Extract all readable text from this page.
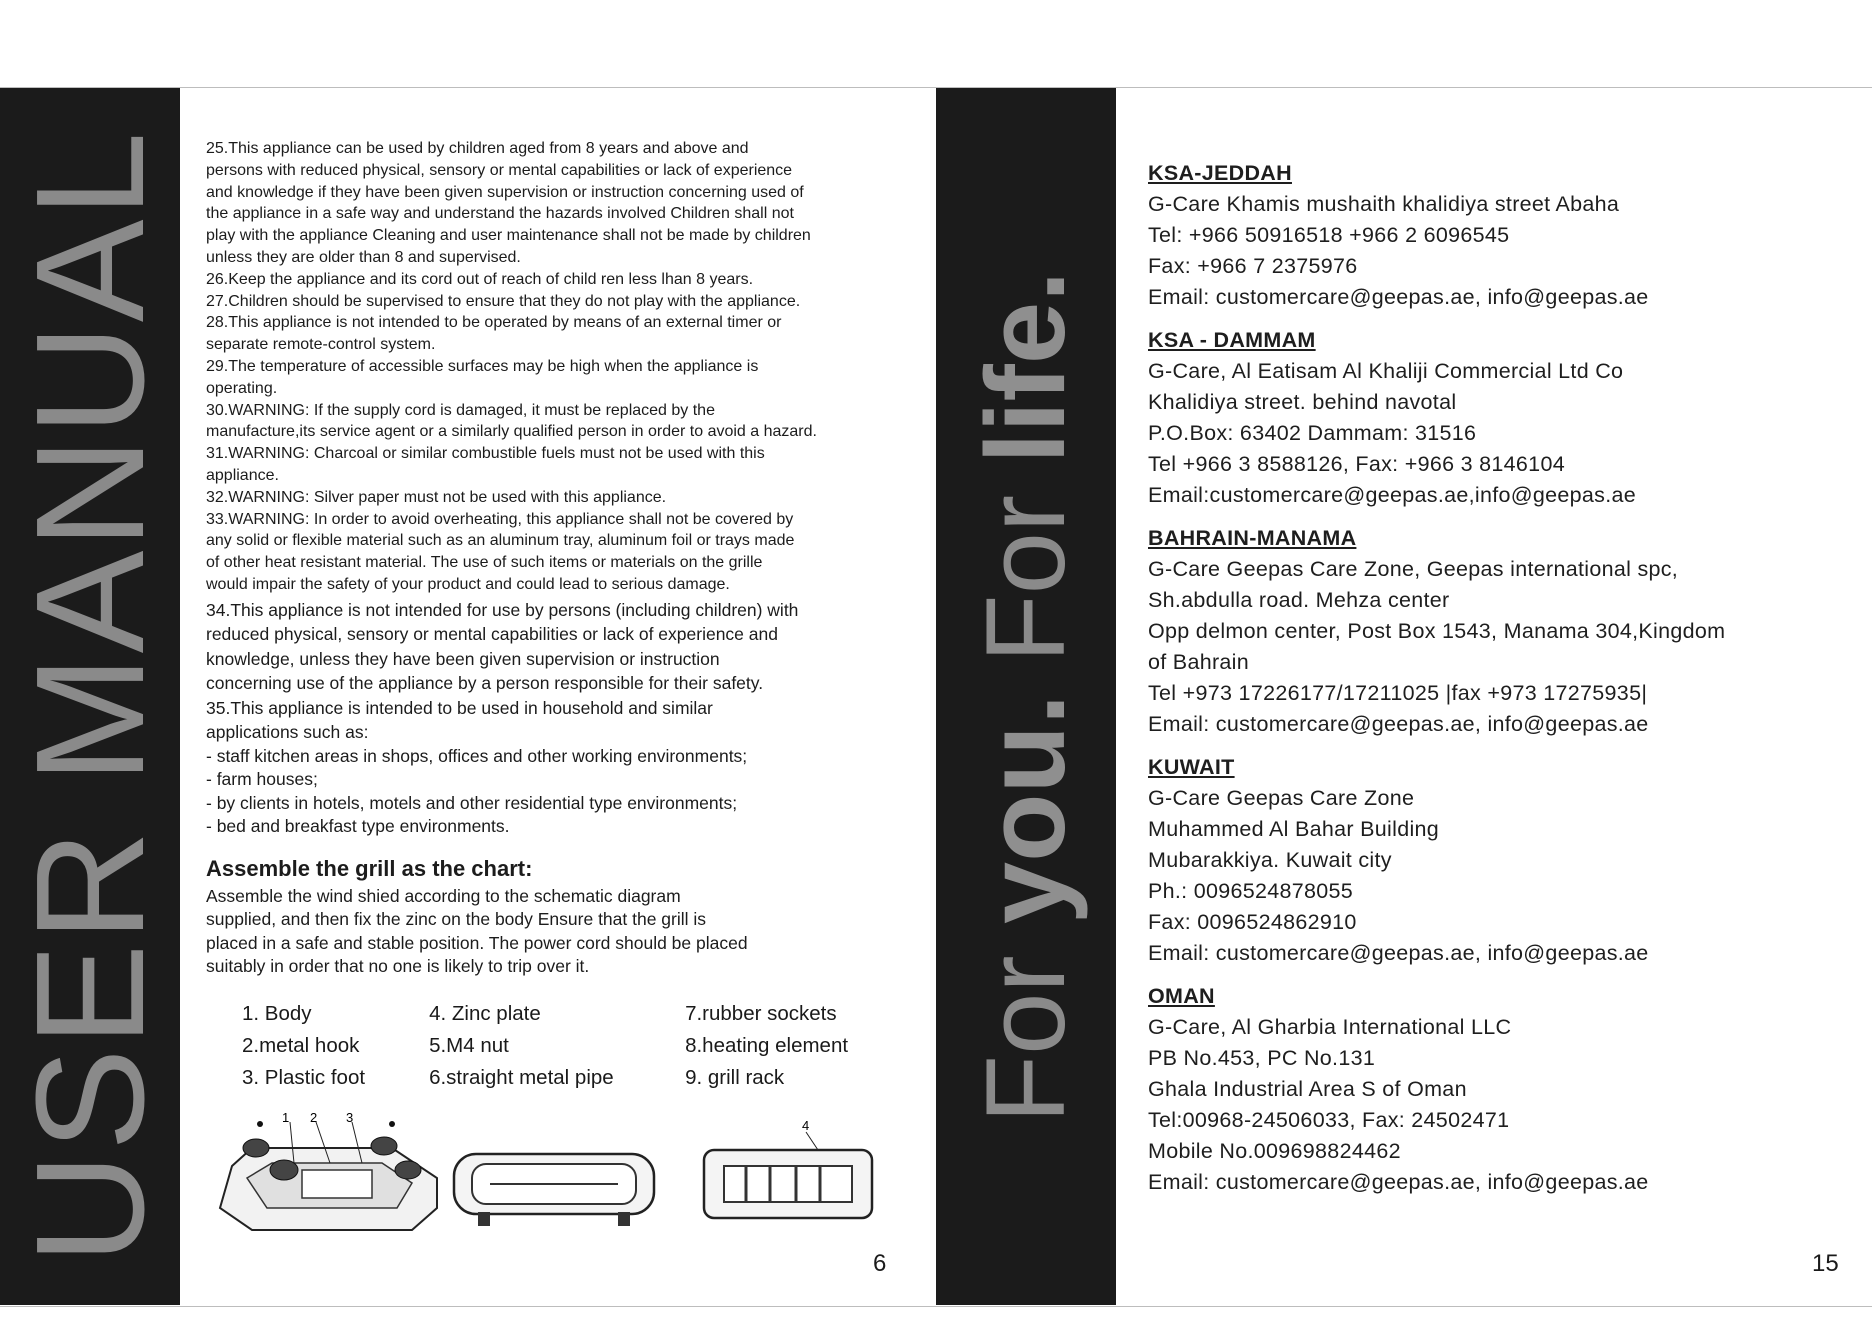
USER MANUAL 25.This appliance can be used by children aged from 8 years and above and

persons with reduced physical, sensory or mental capabilities or lack of experience

and knowledge if they have been given supervision or instruction concerning used of

the appliance in a safe way and understand the hazards involved Children shall not

play with the appliance Cleaning and user maintenance shall not be made by children

unless they are older than 8 and supervised.

26.Keep the appliance and its cord out of reach of child ren less lhan 8 years.

27.Children should be supervised to ensure that they do not play with the appliance.

28.This appliance is not intended to be operated by means of an external timer or

separate remote-control system.

29.The temperature of accessible surfaces may be high when the appliance is

operating.

30.WARNING: If the supply cord is damaged, it must be replaced by the

manufacture,its service agent or a similarly qualified person in order to avoid a hazard.

31.WARNING: Charcoal or similar combustible fuels must not be used with this

appliance.

32.WARNING: Silver paper must not be used with this appliance.

33.WARNING: In order to avoid overheating, this appliance shall not be covered by

any solid or flexible material such as an aluminum tray, aluminum foil or trays made

of other heat resistant material. The use of such items or materials on the grille

would impair the safety of your product and could lead to serious damage.

34.This appliance is not intended for use by persons (including children) with

reduced physical, sensory or mental capabilities or lack of experience and

knowledge, unless they have been given supervision or instruction

concerning use of the appliance by a person responsible for their safety.

35.This appliance is intended to be used in household and similar

applications such as:

- staff kitchen areas in shops, offices and other working environments;

- farm houses;

- by clients in hotels, motels and other residential type environments;

- bed and breakfast type environments.

Assemble the grill as the chart:

Assemble the wind shied according to the schematic diagram

supplied, and then fix the zinc on the body Ensure that the grill is

placed in a safe and stable position. The power cord should be placed

suitably in order that no one is likely to trip over it.

1. Body	4. Zinc plate	7.rubber sockets
2.metal hook	5.M4 nut	8.heating element
3. Plastic foot	6.straight metal pipe	9. grill rack
1 2 3
4
6
For you. For life.

KSA-JEDDAH

G-Care Khamis mushaith khalidiya street Abaha

Tel: +966 50916518 +966 2 6096545

Fax: +966 7 2375976

Email: customercare@geepas.ae, info@geepas.ae

KSA - DAMMAM

G-Care, Al Eatisam Al Khaliji Commercial Ltd Co

Khalidiya street. behind navotal

P.O.Box: 63402 Dammam: 31516

Tel +966 3 8588126, Fax: +966 3 8146104

Email:customercare@geepas.ae,info@geepas.ae

BAHRAIN-MANAMA

G-Care Geepas Care Zone, Geepas international spc,

Sh.abdulla road. Mehza center

Opp delmon center, Post Box 1543, Manama 304,Kingdom

of Bahrain

Tel +973 17226177/17211025 |fax +973 17275935|

Email: customercare@geepas.ae, info@geepas.ae

KUWAIT

G-Care Geepas Care Zone

Muhammed Al Bahar Building

Mubarakkiya. Kuwait city

Ph.: 0096524878055

Fax: 0096524862910

Email: customercare@geepas.ae, info@geepas.ae

OMAN

G-Care, Al Gharbia International LLC

PB No.453, PC No.131

Ghala Industrial Area S of Oman

Tel:00968-24506033, Fax: 24502471

Mobile No.009698824462

Email: customercare@geepas.ae, info@geepas.ae

15
